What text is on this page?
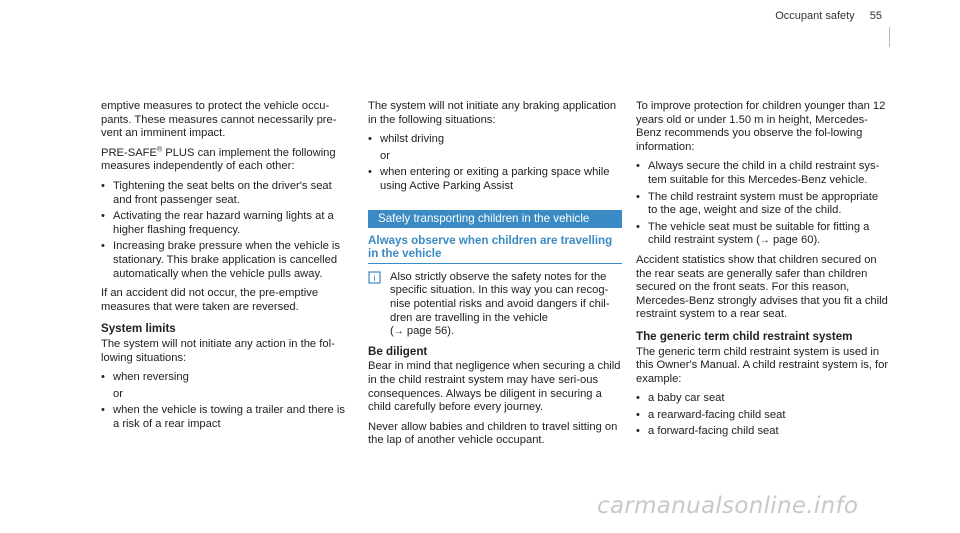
Occupant safety 55

emptive measures to protect the vehicle occu-pants. These measures cannot necessarily pre-vent an imminent impact.

PRE-SAFE® PLUS can implement the following measures independently of each other:

• Tightening the seat belts on the driver's seat and front passenger seat.
• Activating the rear hazard warning lights at a higher flashing frequency.
• Increasing brake pressure when the vehicle is stationary. This brake application is cancelled automatically when the vehicle pulls away.

If an accident did not occur, the pre-emptive measures that were taken are reversed.

System limits

The system will not initiate any action in the fol-lowing situations:

• when reversing
or
• when the vehicle is towing a trailer and there is a risk of a rear impact

The system will not initiate any braking application in the following situations:

• whilst driving
or
• when entering or exiting a parking space while using Active Parking Assist
Safely transporting children in the vehicle
Always observe when children are travelling in the vehicle
i Also strictly observe the safety notes for the specific situation. In this way you can recog-nise potential risks and avoid dangers if chil-dren are travelling in the vehicle
(→ page 56).
Be diligent

Bear in mind that negligence when securing a child in the child restraint system may have seri-ous consequences. Always be diligent in securing a child carefully before every journey.

Never allow babies and children to travel sitting on the lap of another vehicle occupant.

To improve protection for children younger than 12 years old or under 1.50 m in height, Mercedes-Benz recommends you observe the fol-lowing information:

• Always secure the child in a child restraint sys-tem suitable for this Mercedes-Benz vehicle.
• The child restraint system must be appropriate to the age, weight and size of the child.
• The vehicle seat must be suitable for fitting a child restraint system (→ page 60).

Accident statistics show that children secured on the rear seats are generally safer than children secured on the front seats. For this reason, Mercedes-Benz strongly advises that you fit a child restraint system to a rear seat.

The generic term child restraint system

The generic term child restraint system is used in this Owner's Manual. A child restraint system is, for example:

• a baby car seat
• a rearward-facing child seat
• a forward-facing child seat
carmanualsonline.info
